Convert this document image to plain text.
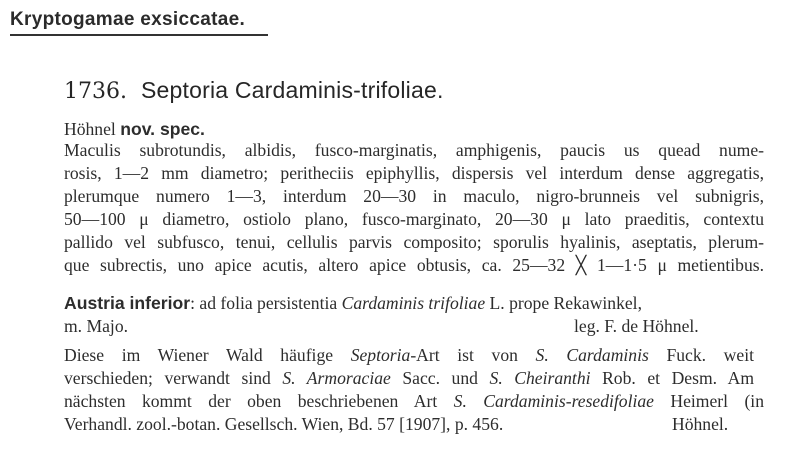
Kryptogamae exsiccatae.
1736. Septoria Cardaminis-trifoliae.
Höhnel nov. spec.
Maculis subrotundis, albidis, fusco-marginatis, amphigenis, paucis us quead nume-
rosis, 1—2 mm diametro; peritheciis epiphyllis, dispersis vel interdum dense aggregatis,
plerumque numero 1—3, interdum 20—30 in maculo, nigro-brunneis vel subnigris,
50—100 μ diametro, ostiolo plano, fusco-marginato, 20—30 μ lato praeditis, contextu
pallido vel subfusco, tenui, cellulis parvis composito; sporulis hyalinis, aseptatis, plerum-
que subrectis, uno apice acutis, altero apice obtusis, ca. 25—32 ╳ 1—1·5 μ metientibus.
Austria inferior: ad folia persistentia Cardaminis trifoliae L. prope Rekawinkel,
m. Majo.	leg. F. de Höhnel.
Diese im Wiener Wald häufige Septoria-Art ist von S. Cardaminis Fuck. weit
verschieden; verwandt sind S. Armoraciae Sacc. und S. Cheiranthi Rob. et Desm. Am
nächsten kommt der oben beschriebenen Art S. Cardaminis-resedifoliae Heimerl (in
Verhandl. zool.-botan. Gesellsch. Wien, Bd. 57 [1907], p. 456.	Höhnel.
